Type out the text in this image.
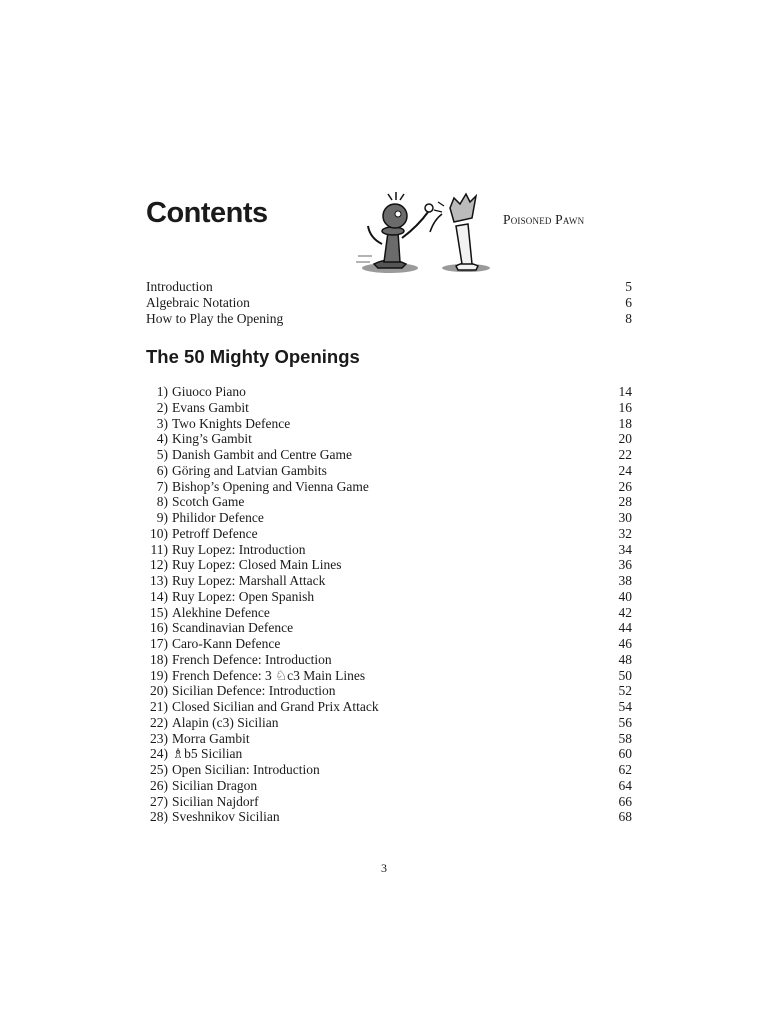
Contents	Poisoned Pawn
Introduction	5
Algebraic Notation	6
How to Play the Opening	8
The 50 Mighty Openings
1) Giuoco Piano	14
2) Evans Gambit	16
3) Two Knights Defence	18
4) King’s Gambit	20
5) Danish Gambit and Centre Game	22
6) Göring and Latvian Gambits	24
7) Bishop’s Opening and Vienna Game	26
8) Scotch Game	28
9) Philidor Defence	30
10) Petroff Defence	32
11) Ruy Lopez: Introduction	34
12) Ruy Lopez: Closed Main Lines	36
13) Ruy Lopez: Marshall Attack	38
14) Ruy Lopez: Open Spanish	40
15) Alekhine Defence	42
16) Scandinavian Defence	44
17) Caro-Kann Defence	46
18) French Defence: Introduction	48
19) French Defence: 3 ♘c3 Main Lines	50
20) Sicilian Defence: Introduction	52
21) Closed Sicilian and Grand Prix Attack	54
22) Alapin (c3) Sicilian	56
23) Morra Gambit	58
24) ♗b5 Sicilian	60
25) Open Sicilian: Introduction	62
26) Sicilian Dragon	64
27) Sicilian Najdorf	66
28) Sveshnikov Sicilian	68
3
